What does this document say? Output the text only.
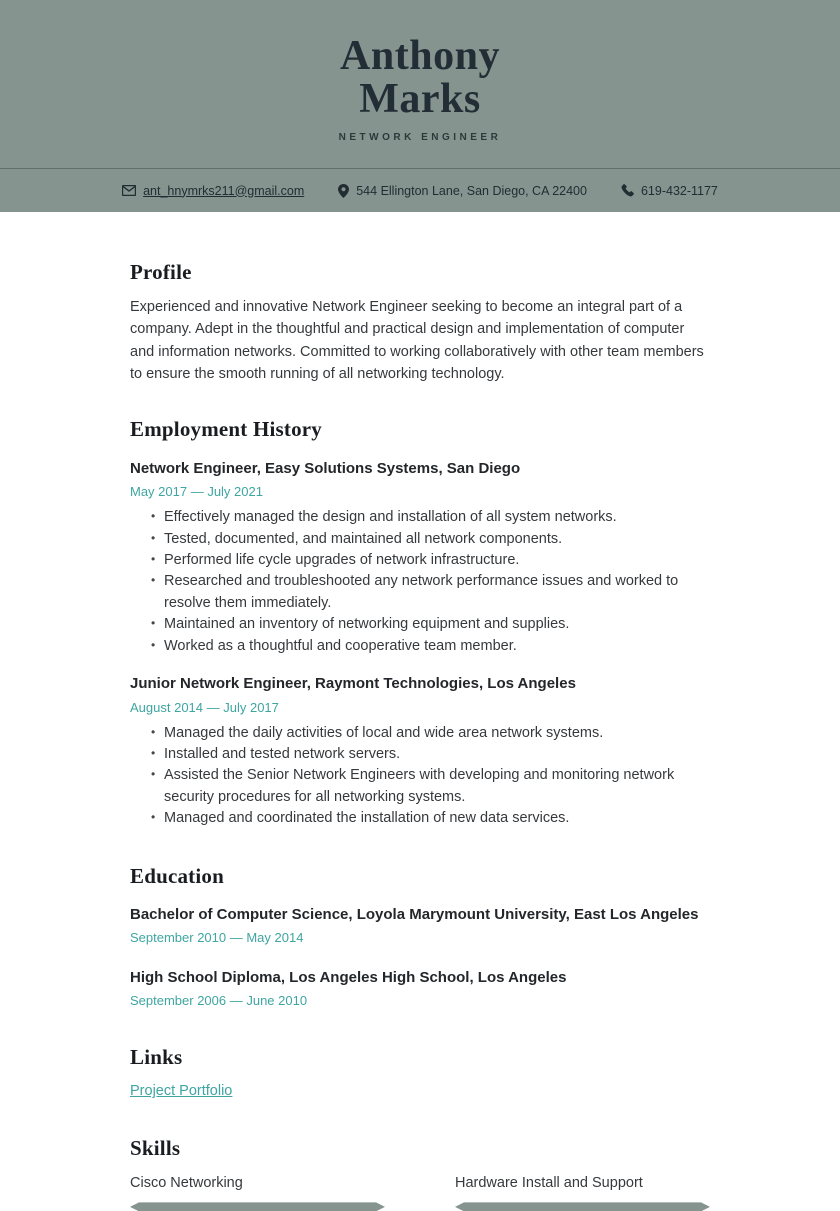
Anthony Marks
NETWORK ENGINEER
ant_hnymrks211@gmail.com	544 Ellington Lane, San Diego, CA 22400	619-432-1177
Profile

Experienced and innovative Network Engineer seeking to become an integral part of a company. Adept in the thoughtful and practical design and implementation of computer and information networks. Committed to working collaboratively with other team members to ensure the smooth running of all networking technology.

Employment History
Network Engineer, Easy Solutions Systems, San Diego
May 2017 — July 2021
• Effectively managed the design and installation of all system networks.
• Tested, documented, and maintained all network components.
• Performed life cycle upgrades of network infrastructure.
• Researched and troubleshooted any network performance issues and worked to resolve them immediately.
• Maintained an inventory of networking equipment and supplies.
• Worked as a thoughtful and cooperative team member.
Junior Network Engineer, Raymont Technologies, Los Angeles
August 2014 — July 2017
• Managed the daily activities of local and wide area network systems.
• Installed and tested network servers.
• Assisted the Senior Network Engineers with developing and monitoring network security procedures for all networking systems.
• Managed and coordinated the installation of new data services.
Education
Bachelor of Computer Science, Loyola Marymount University, East Los Angeles
September 2010 — May 2014
High School Diploma, Los Angeles High School, Los Angeles
September 2006 — June 2010
Links
Project Portfolio
Skills
Cisco Networking	Hardware Install and Support
